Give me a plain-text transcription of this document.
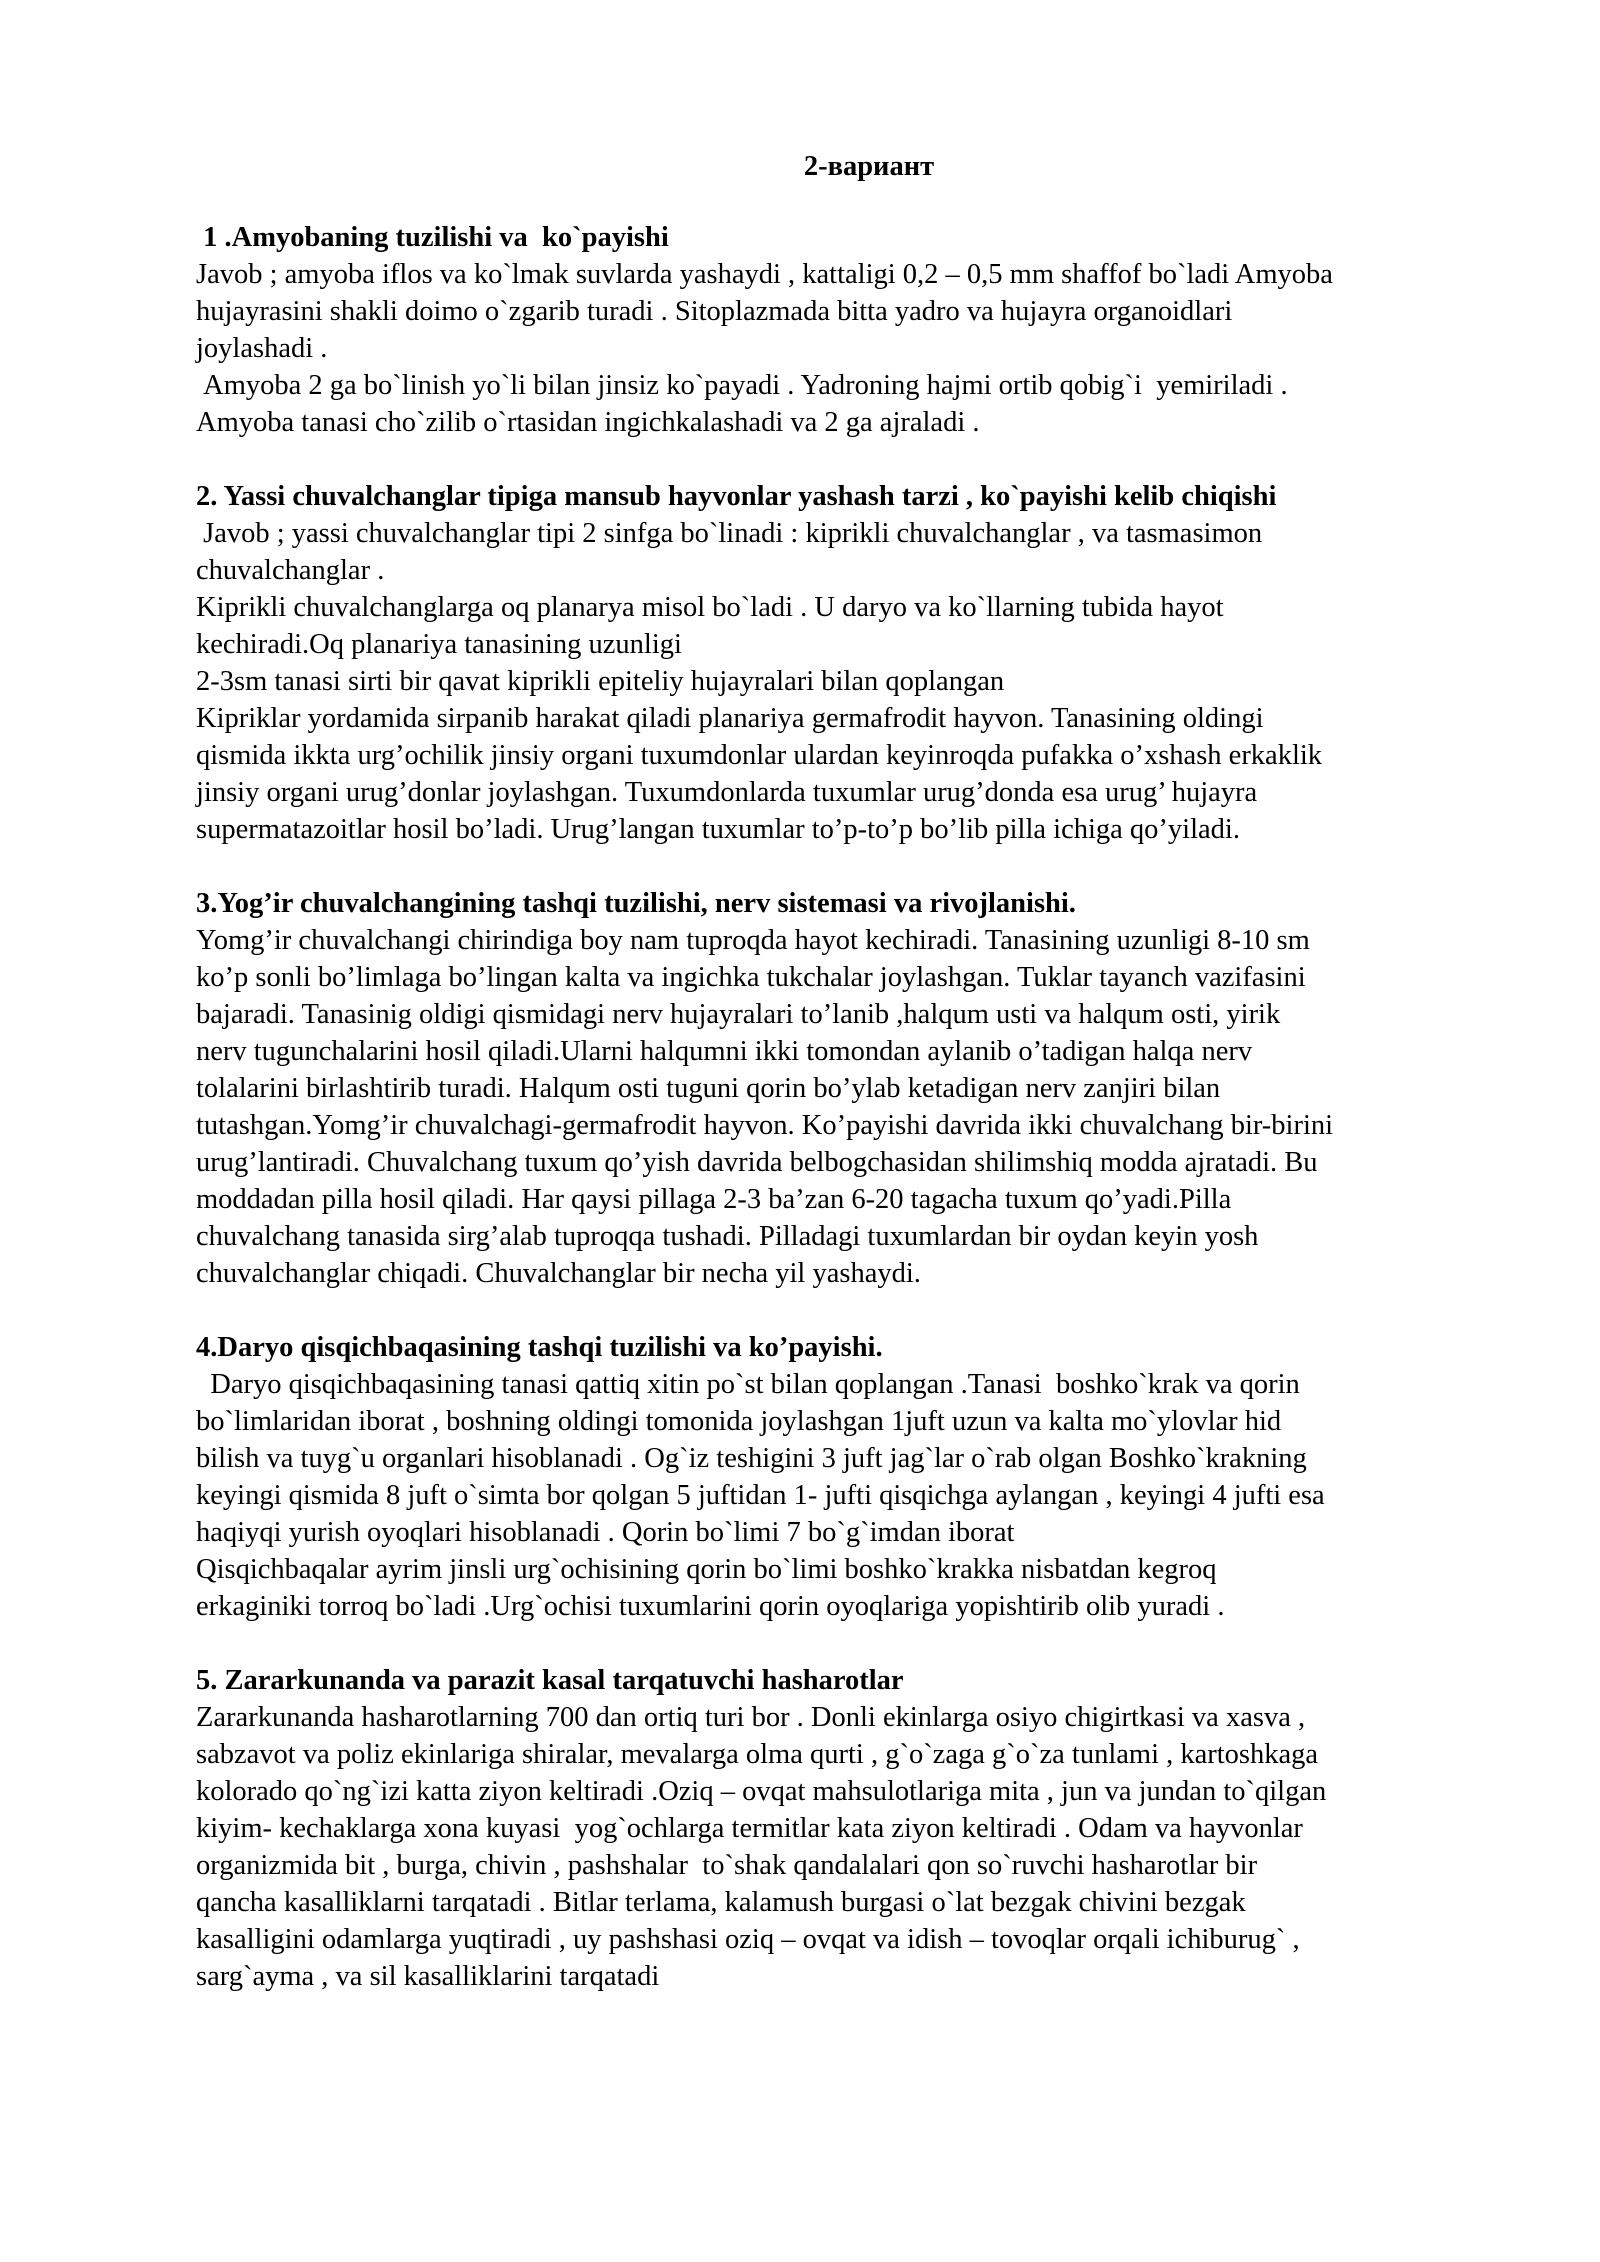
2-вариант
1 .Amyobaning tuzilishi va  ko`payishi
Javob ; amyoba iflos va ko`lmak suvlarda yashaydi , kattaligi 0,2 – 0,5 mm shaffof bo`ladi Amyoba
hujayrasini shakli doimo o`zgarib turadi . Sitoplazmada bitta yadro va hujayra organoidlari
joylashadi .
Amyoba 2 ga bo`linish yo`li bilan jinsiz ko`payadi . Yadroning hajmi ortib qobig`i  yemiriladi .
Amyoba tanasi cho`zilib o`rtasidan ingichkalashadi va 2 ga ajraladi .
2. Yassi chuvalchanglar tipiga mansub hayvonlar yashash tarzi , ko`payishi kelib chiqishi
Javob ; yassi chuvalchanglar tipi 2 sinfga bo`linadi : kiprikli chuvalchanglar , va tasmasimon
chuvalchanglar .
Kiprikli chuvalchanglarga oq planarya misol bo`ladi . U daryo va ko`llarning tubida hayot
kechiradi.Oq planariya tanasining uzunligi
2-3sm tanasi sirti bir qavat kiprikli epiteliy hujayralari bilan qoplangan
Kipriklar yordamida sirpanib harakat qiladi planariya germafrodit hayvon. Tanasining oldingi
qismida ikkta urg’ochilik jinsiy organi tuxumdonlar ulardan keyinroqda pufakka o’xshash erkaklik
jinsiy organi urug’donlar joylashgan. Tuxumdonlarda tuxumlar urug’donda esa urug’ hujayra
supermatazoitlar hosil bo’ladi. Urug’langan tuxumlar to’p-to’p bo’lib pilla ichiga qo’yiladi.
3.Yog’ir chuvalchangining tashqi tuzilishi, nerv sistemasi va rivojlanishi.
Yomg’ir chuvalchangi chirindiga boy nam tuproqda hayot kechiradi. Tanasining uzunligi 8-10 sm
ko’p sonli bo’limlaga bo’lingan kalta va ingichka tukchalar joylashgan. Tuklar tayanch vazifasini
bajaradi. Tanasinig oldigi qismidagi nerv hujayralari to’lanib ,halqum usti va halqum osti, yirik
nerv tugunchalarini hosil qiladi.Ularni halqumni ikki tomondan aylanib o’tadigan halqa nerv
tolalarini birlashtirib turadi. Halqum osti tuguni qorin bo’ylab ketadigan nerv zanjiri bilan
tutashgan.Yomg’ir chuvalchagi-germafrodit hayvon. Ko’payishi davrida ikki chuvalchang bir-birini
urug’lantiradi. Chuvalchang tuxum qo’yish davrida belbogchasidan shilimshiq modda ajratadi. Bu
moddadan pilla hosil qiladi. Har qaysi pillaga 2-3 ba’zan 6-20 tagacha tuxum qo’yadi.Pilla
chuvalchang tanasida sirg’alab tuproqqa tushadi. Pilladagi tuxumlardan bir oydan keyin yosh
chuvalchanglar chiqadi. Chuvalchanglar bir necha yil yashaydi.
4.Daryo qisqichbaqasining tashqi tuzilishi va ko’payishi.
Daryo qisqichbaqasining tanasi qattiq xitin po`st bilan qoplangan .Tanasi  boshko`krak va qorin
bo`limlaridan iborat , boshning oldingi tomonida joylashgan 1juft uzun va kalta mo`ylovlar hid
bilish va tuyg`u organlari hisoblanadi . Og`iz teshigini 3 juft jag`lar o`rab olgan Boshko`krakning
keyingi qismida 8 juft o`simta bor qolgan 5 juftidan 1- jufti qisqichga aylangan , keyingi 4 jufti esa
haqiyqi yurish oyoqlari hisoblanadi . Qorin bo`limi 7 bo`g`imdan iborat
Qisqichbaqalar ayrim jinsli urg`ochisining qorin bo`limi boshko`krakka nisbatdan kegroq
erkaginiki torroq bo`ladi .Urg`ochisi tuxumlarini qorin oyoqlariga yopishtirib olib yuradi .
5. Zararkunanda va parazit kasal tarqatuvchi hasharotlar
Zararkunanda hasharotlarning 700 dan ortiq turi bor . Donli ekinlarga osiyo chigirtkasi va xasva ,
sabzavot va poliz ekinlariga shiralar, mevalarga olma qurti , g`o`zaga g`o`za tunlami , kartoshkaga
kolorado qo`ng`izi katta ziyon keltiradi .Oziq – ovqat mahsulotlariga mita , jun va jundan to`qilgan
kiyim- kechaklarga xona kuyasi  yog`ochlarga termitlar kata ziyon keltiradi . Odam va hayvonlar
organizmida bit , burga, chivin , pashshalar  to`shak qandalalari qon so`ruvchi hasharotlar bir
qancha kasalliklarni tarqatadi . Bitlar terlama, kalamush burgasi o`lat bezgak chivini bezgak
kasalligini odamlarga yuqtiradi , uy pashshasi oziq – ovqat va idish – tovoqlar orqali ichiburug` ,
sarg`ayma , va sil kasalliklarini tarqatadi
